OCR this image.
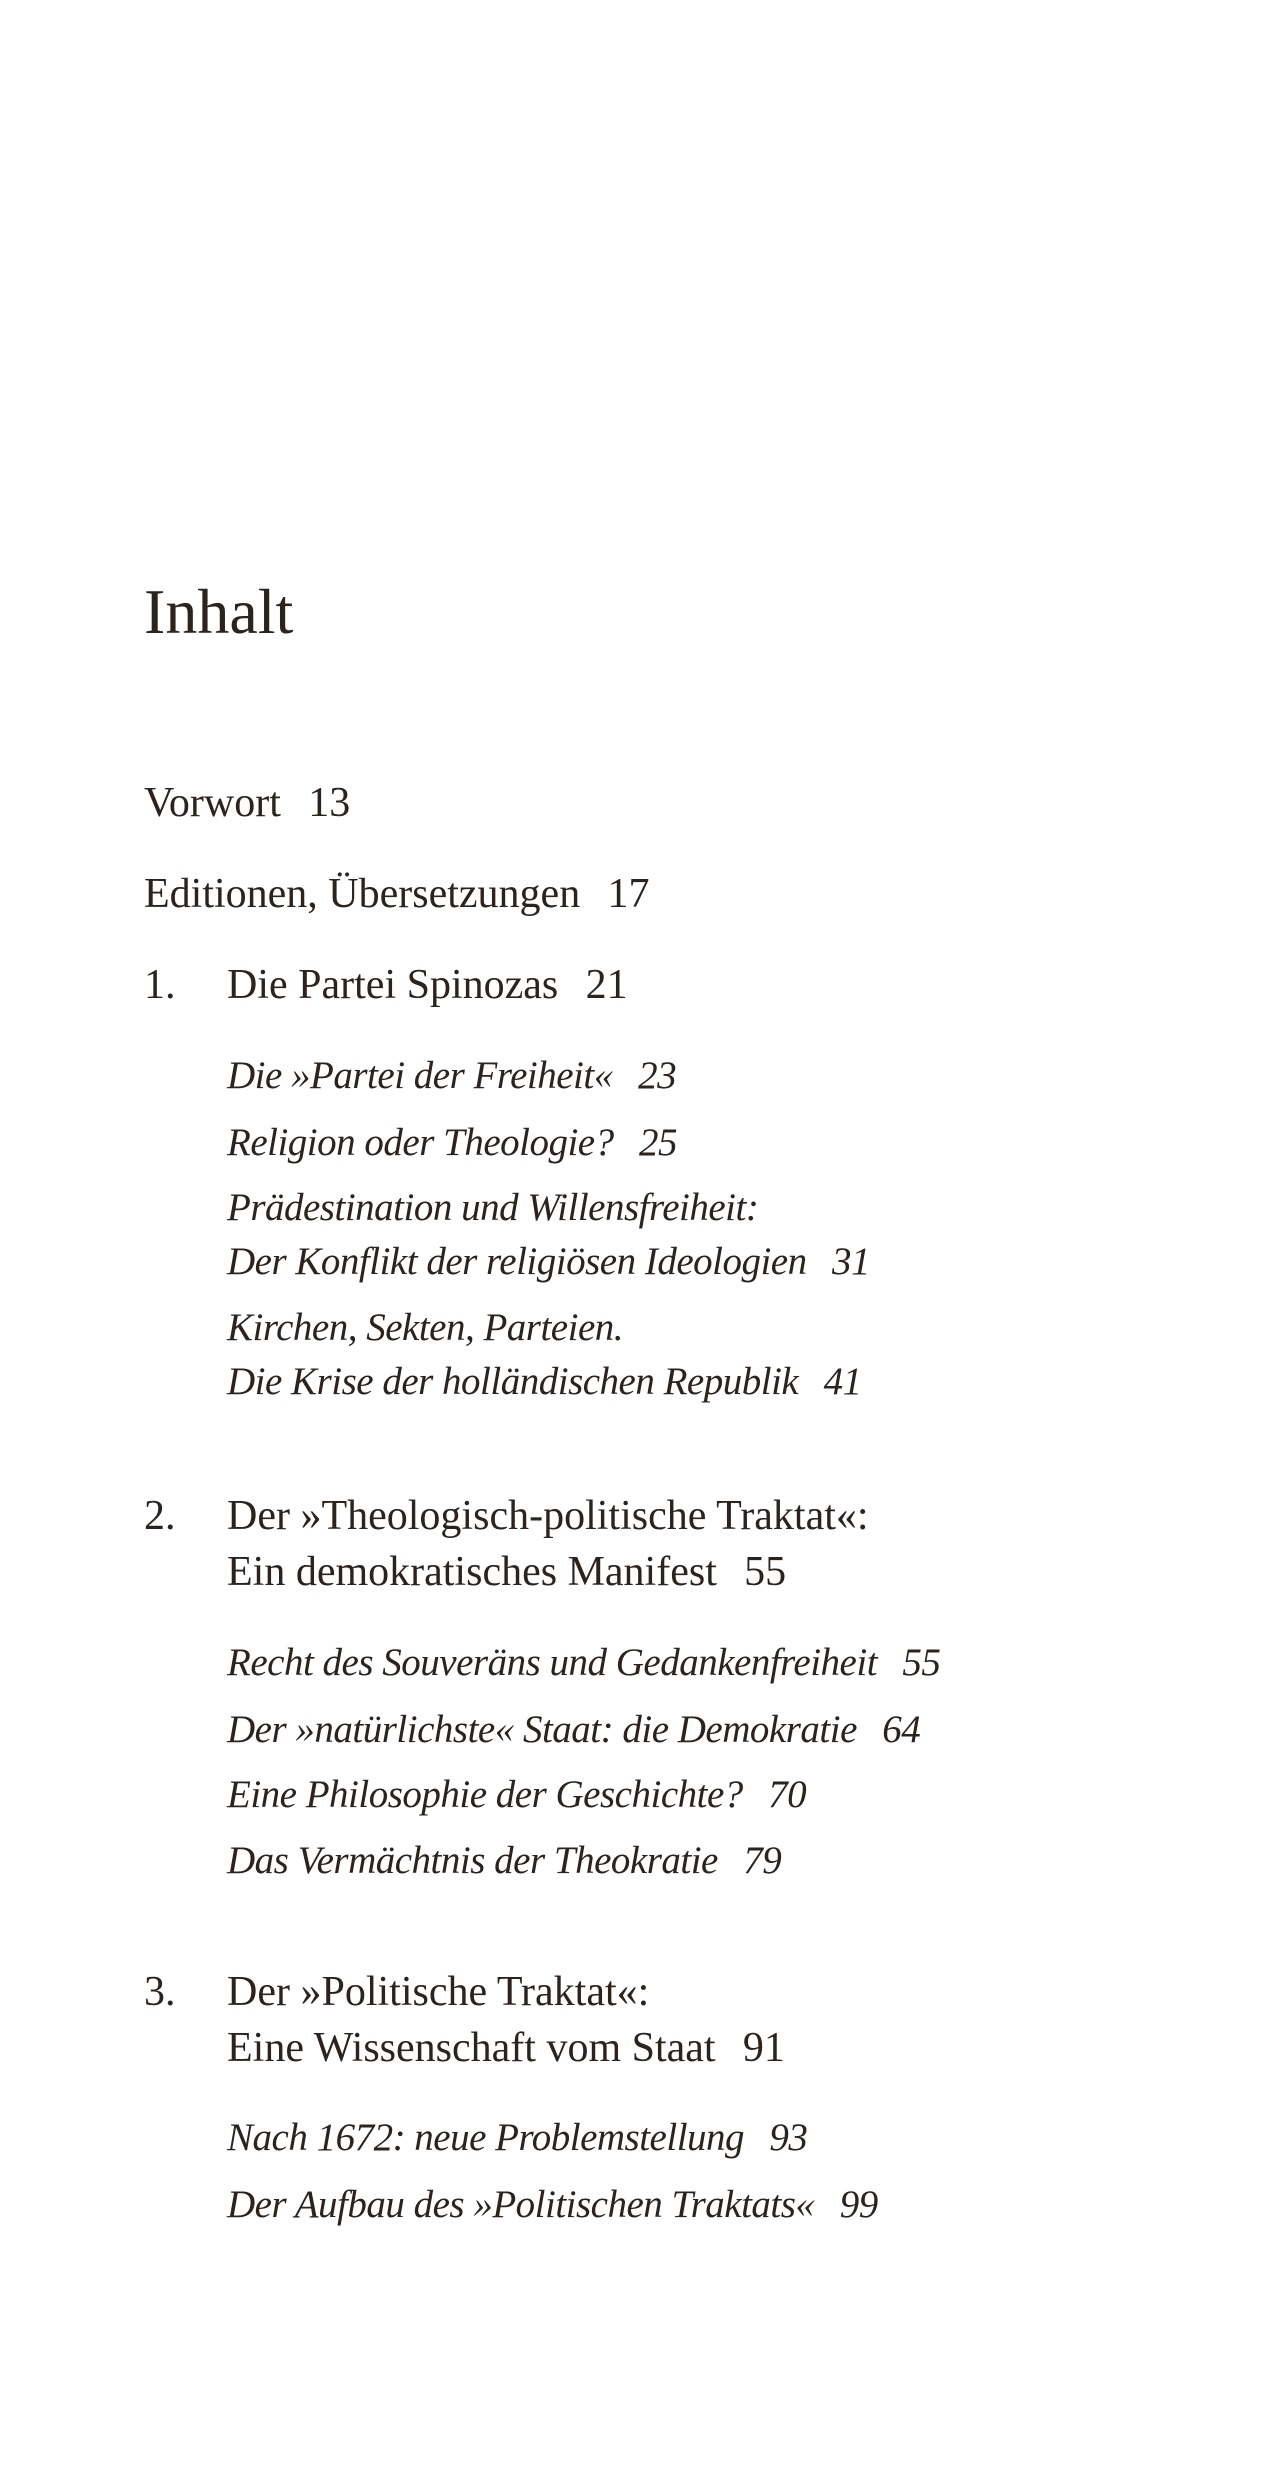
Inhalt
Vorwort 13
Editionen, Übersetzungen 17
1. Die Partei Spinozas 21
Die »Partei der Freiheit« 23
Religion oder Theologie? 25
Prädestination und Willensfreiheit:
Der Konflikt der religiösen Ideologien 31
Kirchen, Sekten, Parteien.
Die Krise der holländischen Republik 41
2. Der »Theologisch-politische Traktat«:
Ein demokratisches Manifest 55
Recht des Souveräns und Gedankenfreiheit 55
Der »natürlichste« Staat: die Demokratie 64
Eine Philosophie der Geschichte? 70
Das Vermächtnis der Theokratie 79
3. Der »Politische Traktat«:
Eine Wissenschaft vom Staat 91
Nach 1672: neue Problemstellung 93
Der Aufbau des »Politischen Traktats« 99
